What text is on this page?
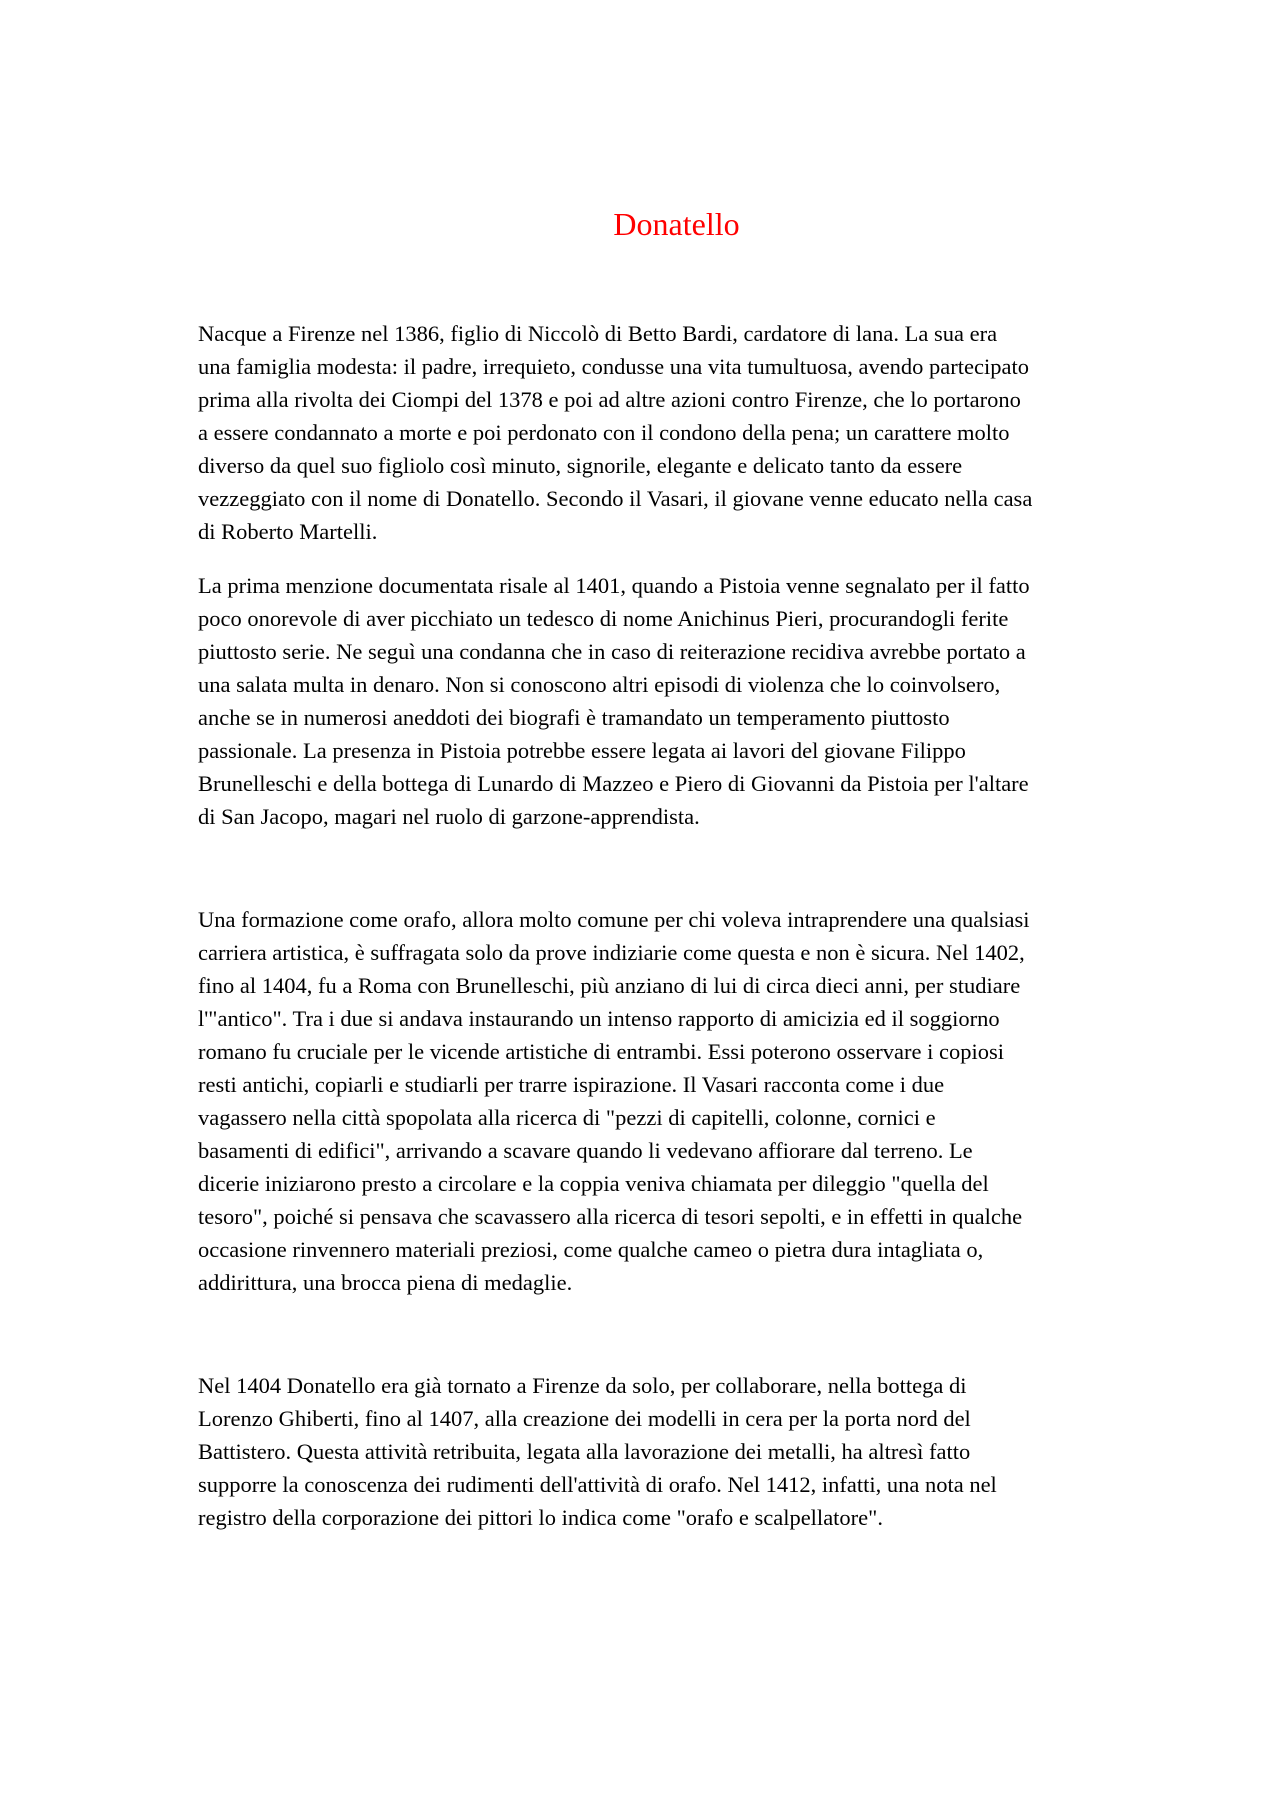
Donatello

Nacque a Firenze nel 1386, figlio di Niccolò di Betto Bardi, cardatore di lana. La sua era
una famiglia modesta: il padre, irrequieto, condusse una vita tumultuosa, avendo partecipato
prima alla rivolta dei Ciompi del 1378 e poi ad altre azioni contro Firenze, che lo portarono
a essere condannato a morte e poi perdonato con il condono della pena; un carattere molto
diverso da quel suo figliolo così minuto, signorile, elegante e delicato tanto da essere
vezzeggiato con il nome di Donatello. Secondo il Vasari, il giovane venne educato nella casa
di Roberto Martelli.

La prima menzione documentata risale al 1401, quando a Pistoia venne segnalato per il fatto
poco onorevole di aver picchiato un tedesco di nome Anichinus Pieri, procurandogli ferite
piuttosto serie. Ne seguì una condanna che in caso di reiterazione recidiva avrebbe portato a
una salata multa in denaro. Non si conoscono altri episodi di violenza che lo coinvolsero,
anche se in numerosi aneddoti dei biografi è tramandato un temperamento piuttosto
passionale. La presenza in Pistoia potrebbe essere legata ai lavori del giovane Filippo
Brunelleschi e della bottega di Lunardo di Mazzeo e Piero di Giovanni da Pistoia per l'altare
di San Jacopo, magari nel ruolo di garzone-apprendista.

Una formazione come orafo, allora molto comune per chi voleva intraprendere una qualsiasi
carriera artistica, è suffragata solo da prove indiziarie come questa e non è sicura. Nel 1402,
fino al 1404, fu a Roma con Brunelleschi, più anziano di lui di circa dieci anni, per studiare
l'"antico". Tra i due si andava instaurando un intenso rapporto di amicizia ed il soggiorno
romano fu cruciale per le vicende artistiche di entrambi. Essi poterono osservare i copiosi
resti antichi, copiarli e studiarli per trarre ispirazione. Il Vasari racconta come i due
vagassero nella città spopolata alla ricerca di "pezzi di capitelli, colonne, cornici e
basamenti di edifici", arrivando a scavare quando li vedevano affiorare dal terreno. Le
dicerie iniziarono presto a circolare e la coppia veniva chiamata per dileggio "quella del
tesoro", poiché si pensava che scavassero alla ricerca di tesori sepolti, e in effetti in qualche
occasione rinvennero materiali preziosi, come qualche cameo o pietra dura intagliata o,
addirittura, una brocca piena di medaglie.

Nel 1404 Donatello era già tornato a Firenze da solo, per collaborare, nella bottega di
Lorenzo Ghiberti, fino al 1407, alla creazione dei modelli in cera per la porta nord del
Battistero. Questa attività retribuita, legata alla lavorazione dei metalli, ha altresì fatto
supporre la conoscenza dei rudimenti dell'attività di orafo. Nel 1412, infatti, una nota nel
registro della corporazione dei pittori lo indica come "orafo e scalpellatore".
